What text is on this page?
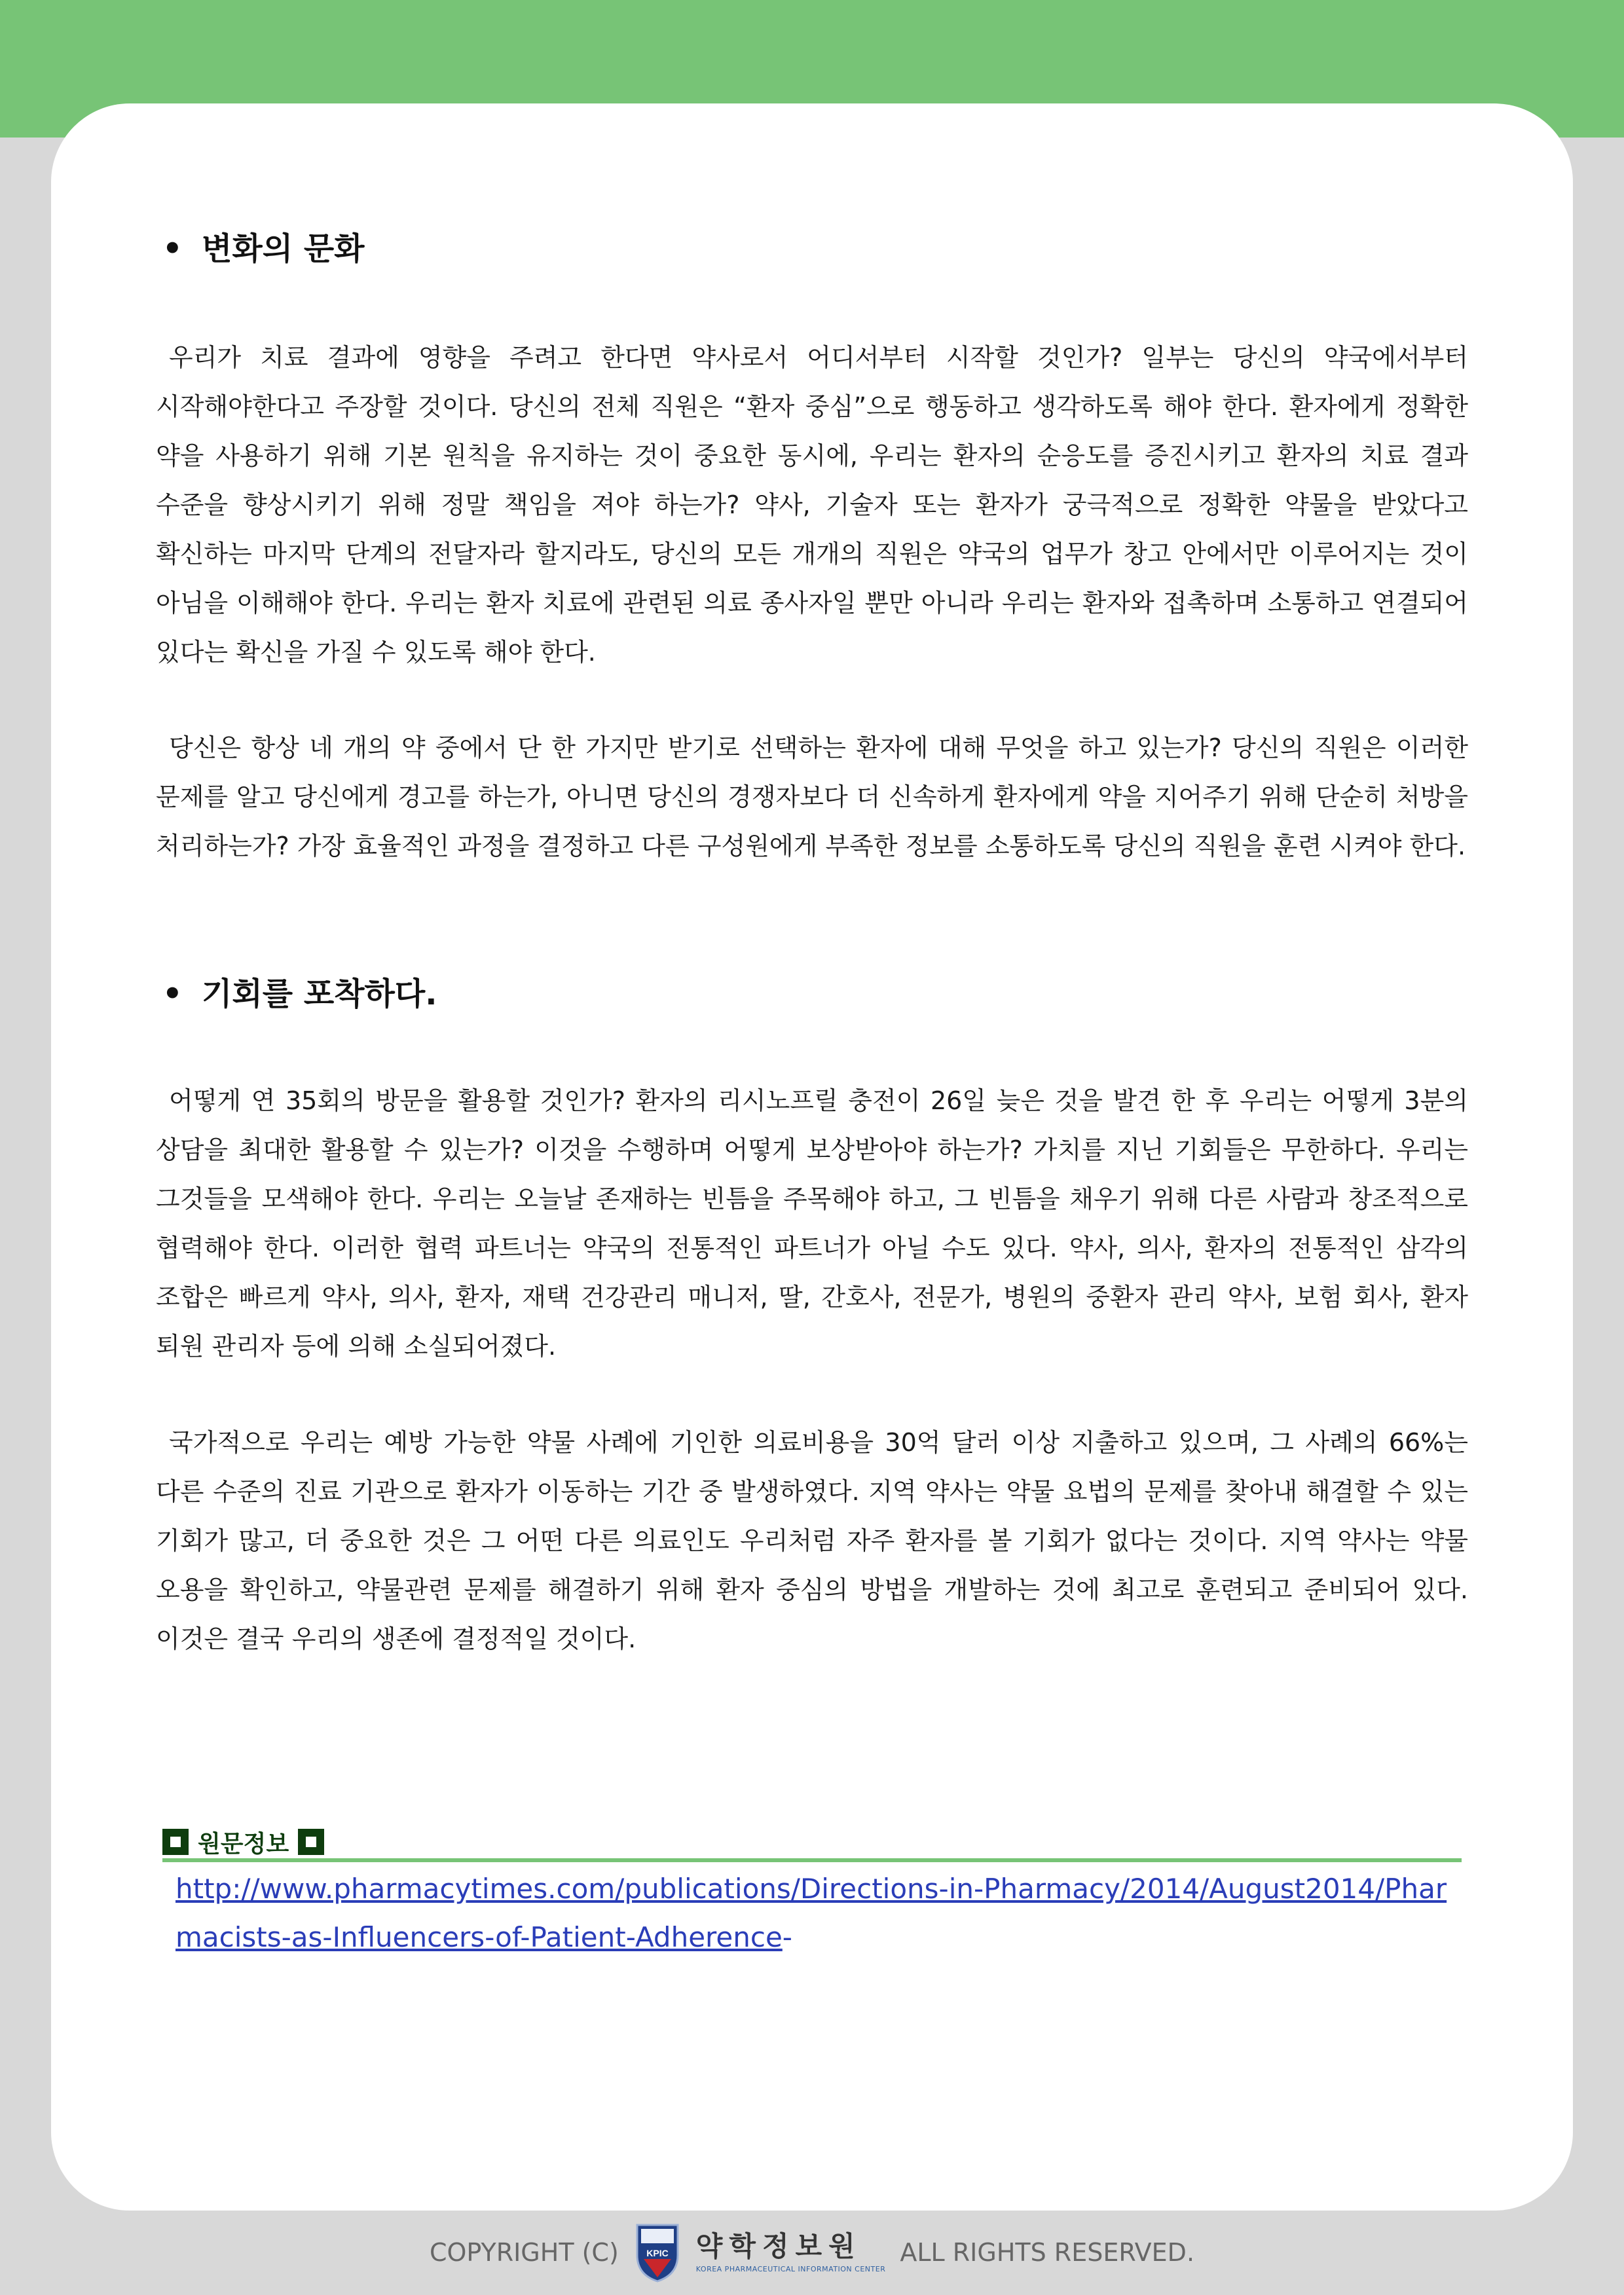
• 변화의 문화

우리가 치료 결과에 영향을 주려고 한다면 약사로서 어디서부터 시작할 것인가? 일부는 당신의 약국에서부터 시작해야한다고 주장할 것이다. 당신의 전체 직원은 “환자 중심”으로 행동하고 생각하도록 해야 한다. 환자에게 정확한 약을 사용하기 위해 기본 원칙을 유지하는 것이 중요한 동시에, 우리는 환자의 순응도를 증진시키고 환자의 치료 결과 수준을 향상시키기 위해 정말 책임을 져야 하는가? 약사, 기술자 또는 환자가 궁극적으로 정확한 약물을 받았다고 확신하는 마지막 단계의 전달자라 할지라도, 당신의 모든 개개의 직원은 약국의 업무가 창고 안에서만 이루어지는 것이 아님을 이해해야 한다. 우리는 환자 치료에 관련된 의료 종사자일 뿐만 아니라 우리는 환자와 접촉하며 소통하고 연결되어 있다는 확신을 가질 수 있도록 해야 한다.

당신은 항상 네 개의 약 중에서 단 한 가지만 받기로 선택하는 환자에 대해 무엇을 하고 있는가? 당신의 직원은 이러한 문제를 알고 당신에게 경고를 하는가, 아니면 당신의 경쟁자보다 더 신속하게 환자에게 약을 지어주기 위해 단순히 처방을 처리하는가? 가장 효율적인 과정을 결정하고 다른 구성원에게 부족한 정보를 소통하도록 당신의 직원을 훈련 시켜야 한다.

• 기회를 포착하다.

어떻게 연 35회의 방문을 활용할 것인가? 환자의 리시노프릴 충전이 26일 늦은 것을 발견 한 후 우리는 어떻게 3분의 상담을 최대한 활용할 수 있는가? 이것을 수행하며 어떻게 보상받아야 하는가? 가치를 지닌 기회들은 무한하다. 우리는 그것들을 모색해야 한다. 우리는 오늘날 존재하는 빈틈을 주목해야 하고, 그 빈틈을 채우기 위해 다른 사람과 창조적으로 협력해야 한다. 이러한 협력 파트너는 약국의 전통적인 파트너가 아닐 수도 있다. 약사, 의사, 환자의 전통적인 삼각의 조합은 빠르게 약사, 의사, 환자, 재택 건강관리 매니저, 딸, 간호사, 전문가, 병원의 중환자 관리 약사, 보험 회사, 환자 퇴원 관리자 등에 의해 소실되어졌다.

국가적으로 우리는 예방 가능한 약물 사례에 기인한 의료비용을 30억 달러 이상 지출하고 있으며, 그 사례의 66%는 다른 수준의 진료 기관으로 환자가 이동하는 기간 중 발생하였다. 지역 약사는 약물 요법의 문제를 찾아내 해결할 수 있는 기회가 많고, 더 중요한 것은 그 어떤 다른 의료인도 우리처럼 자주 환자를 볼 기회가 없다는 것이다. 지역 약사는 약물 오용을 확인하고, 약물관련 문제를 해결하기 위해 환자 중심의 방법을 개발하는 것에 최고로 훈련되고 준비되어 있다. 이것은 결국 우리의 생존에 결정적일 것이다.

원문정보

http://www.pharmacytimes.com/publications/Directions-in-Pharmacy/2014/August2014/Pharmacists-as-Influencers-of-Patient-Adherence-

COPYRIGHT (C)	KPIC 약학정보원
KOREA PHARMACEUTICAL INFORMATION CENTER
ALL RIGHTS RESERVED.
